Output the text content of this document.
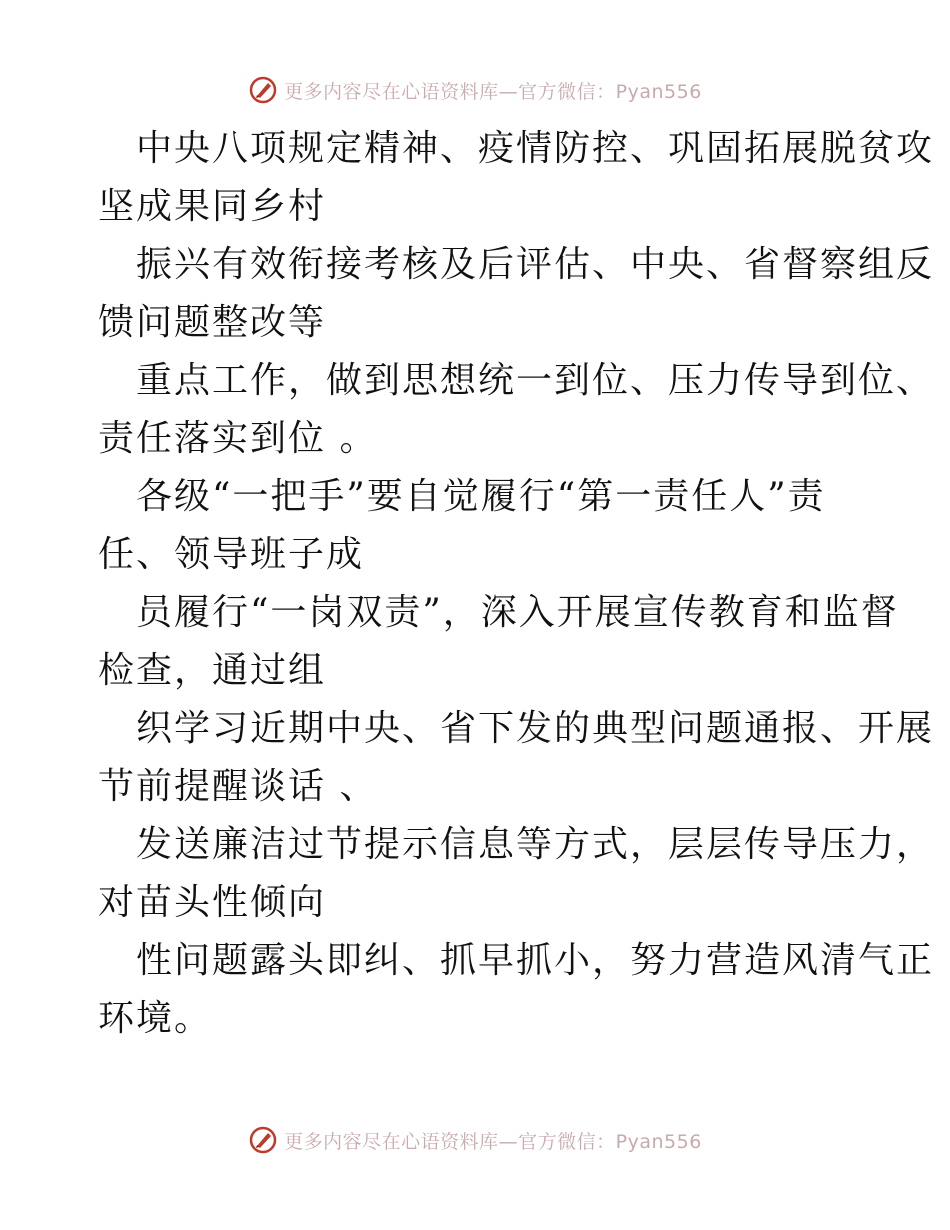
更多内容尽在心语资料库—官方微信：Pyan556

中央八项规定精神、疫情防控、巩固拓展脱贫攻
坚成果同乡村

振兴有效衔接考核及后评估、中央、省督察组反
馈问题整改等

重点工作，做到思想统一到位、压力传导到位、
责任落实到位 。

各级“一把手”要自觉履行“第一责任人”责
任、领导班子成

员履行“一岗双责”，深入开展宣传教育和监督
检查，通过组

织学习近期中央、省下发的典型问题通报、开展
节前提醒谈话 、

发送廉洁过节提示信息等方式，层层传导压力，
对苗头性倾向

性问题露头即纠、抓早抓小，努力营造风清气正
环境。

更多内容尽在心语资料库—官方微信：Pyan556
